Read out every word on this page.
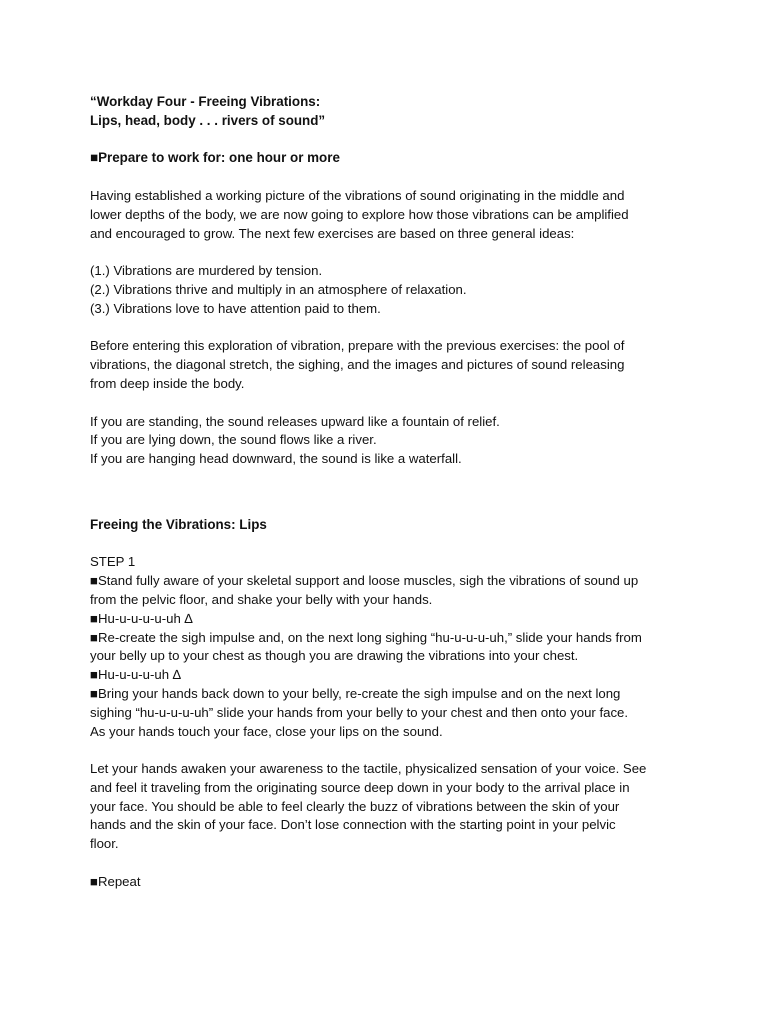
“Workday Four - Freeing Vibrations:
Lips, head, body . . . rivers of sound”
■Prepare to work for: one hour or more
Having established a working picture of the vibrations of sound originating in the middle and
lower depths of the body, we are now going to explore how those vibrations can be amplified
and encouraged to grow. The next few exercises are based on three general ideas:
(1.) Vibrations are murdered by tension.
(2.) Vibrations thrive and multiply in an atmosphere of relaxation.
(3.) Vibrations love to have attention paid to them.
Before entering this exploration of vibration, prepare with the previous exercises: the pool of
vibrations, the diagonal stretch, the sighing, and the images and pictures of sound releasing
from deep inside the body.
If you are standing, the sound releases upward like a fountain of relief.
If you are lying down, the sound flows like a river.
If you are hanging head downward, the sound is like a waterfall.
Freeing the Vibrations: Lips
STEP 1
■Stand fully aware of your skeletal support and loose muscles, sigh the vibrations of sound up
from the pelvic floor, and shake your belly with your hands.
■Hu-u-u-u-u-uh ∆
■Re-create the sigh impulse and, on the next long sighing “hu-u-u-u-uh,” slide your hands from
your belly up to your chest as though you are drawing the vibrations into your chest.
■Hu-u-u-u-uh ∆
■Bring your hands back down to your belly, re-create the sigh impulse and on the next long
sighing “hu-u-u-u-uh” slide your hands from your belly to your chest and then onto your face.
As your hands touch your face, close your lips on the sound.
Let your hands awaken your awareness to the tactile, physicalized sensation of your voice. See
and feel it traveling from the originating source deep down in your body to the arrival place in
your face. You should be able to feel clearly the buzz of vibrations between the skin of your
hands and the skin of your face. Don’t lose connection with the starting point in your pelvic
floor.
■Repeat
